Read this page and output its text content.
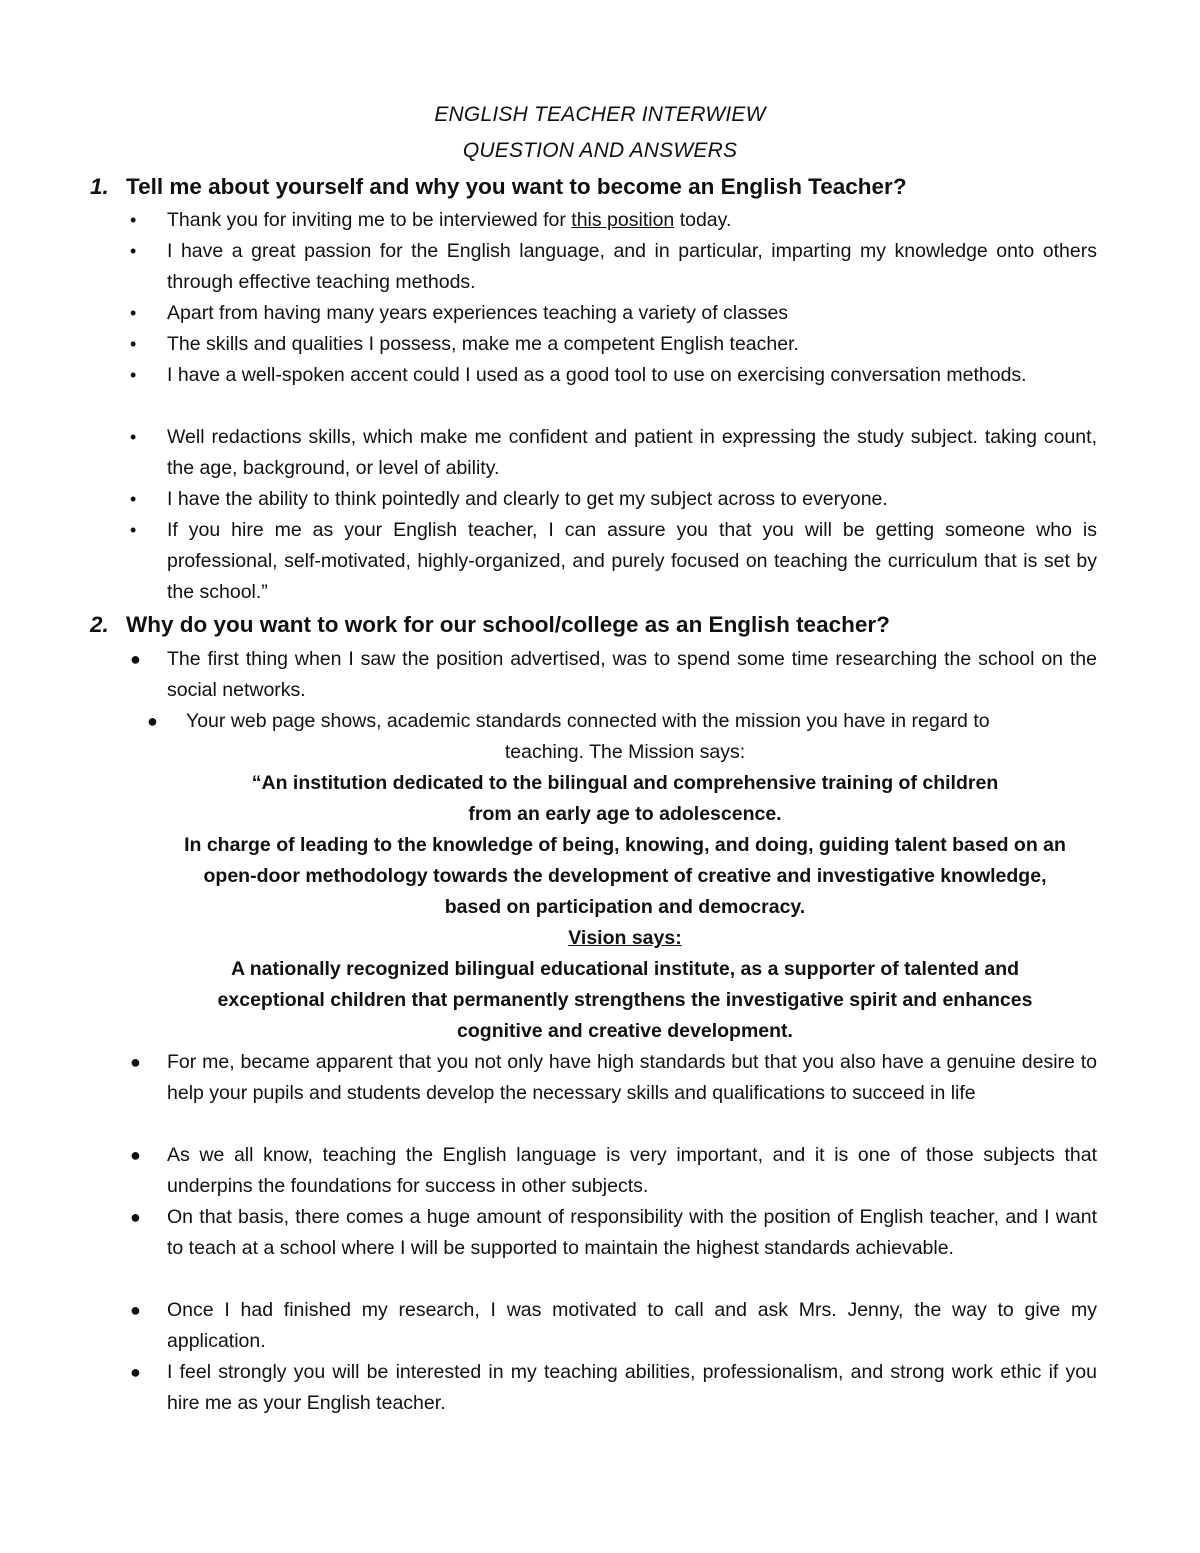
ENGLISH TEACHER INTERWIEW
QUESTION AND ANSWERS
1. Tell me about yourself and why you want to become an English Teacher?
• Thank you for inviting me to be interviewed for this position today.
• I have a great passion for the English language, and in particular, imparting my knowledge onto others through effective teaching methods.
• Apart from having many years experiences teaching a variety of classes
• The skills and qualities I possess, make me a competent English teacher.
• I have a well-spoken accent could I used as a good tool to use on exercising conversation methods.
• Well redactions skills, which make me confident and patient in expressing the study subject. taking count, the age, background, or level of ability.
• I have the ability to think pointedly and clearly to get my subject across to everyone.
• If you hire me as your English teacher, I can assure you that you will be getting someone who is professional, self-motivated, highly-organized, and purely focused on teaching the curriculum that is set by the school.”
2. Why do you want to work for our school/college as an English teacher?
● The first thing when I saw the position advertised, was to spend some time researching the school on the social networks.
● Your web page shows, academic standards connected with the mission you have in regard to
teaching. The Mission says:
“An institution dedicated to the bilingual and comprehensive training of children
from an early age to adolescence.
In charge of leading to the knowledge of being, knowing, and doing, guiding talent based on an
open-door methodology towards the development of creative and investigative knowledge,
based on participation and democracy.
Vision says:
A nationally recognized bilingual educational institute, as a supporter of talented and
exceptional children that permanently strengthens the investigative spirit and enhances
cognitive and creative development.
● For me, became apparent that you not only have high standards but that you also have a genuine desire to help your pupils and students develop the necessary skills and qualifications to succeed in life
● As we all know, teaching the English language is very important, and it is one of those subjects that underpins the foundations for success in other subjects.
● On that basis, there comes a huge amount of responsibility with the position of English teacher, and I want to teach at a school where I will be supported to maintain the highest standards achievable.
● Once I had finished my research, I was motivated to call and ask Mrs. Jenny, the way to give my application.
● I feel strongly you will be interested in my teaching abilities, professionalism, and strong work ethic if you hire me as your English teacher.
